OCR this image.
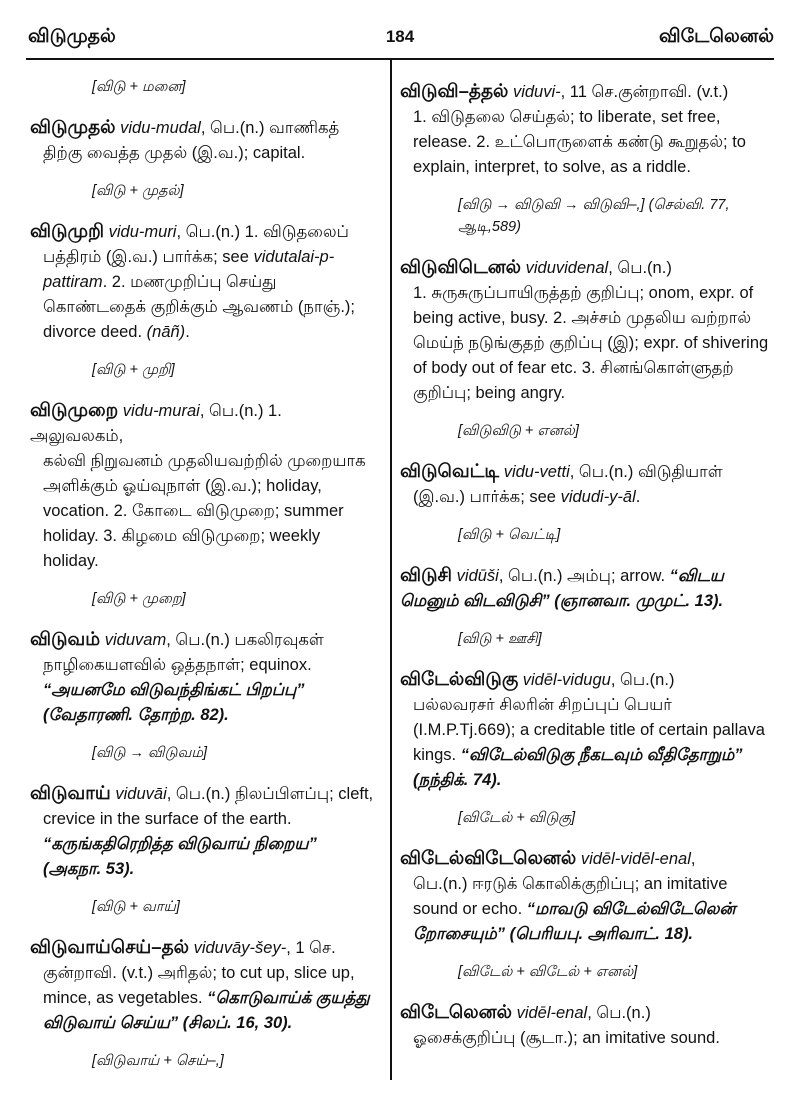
விடுமுதல்	184	விடேலெனல்
[விடு + மனை]
விடுமுதல் vidu-mudal, பெ.(n.) வாணிகத்
திற்கு வைத்த முதல் (இ.வ.); capital.
[விடு + முதல்]
விடுமுறி vidu-muri, பெ.(n.) 1. விடுதலைப்
பத்திரம் (இ.வ.) பார்க்க; see vidutalai-p-pattiram. 2. மணமுறிப்பு செய்து கொண்டதைக் குறிக்கும் ஆவணம் (நாஞ்.); divorce deed. (nāñ).
[விடு + முறி]
விடுமுறை vidu-murai, பெ.(n.) 1. அலுவலகம்,
கல்வி நிறுவனம் முதலியவற்றில் முறையாக அளிக்கும் ஓய்வுநாள் (இ.வ.); holiday, vocation. 2. கோடை விடுமுறை; summer holiday. 3. கிழமை விடுமுறை; weekly holiday.
[விடு + முறை]
விடுவம் viduvam, பெ.(n.) பகலிரவுகள்
நாழிகையளவில் ஒத்தநாள்; equinox. “அயனமே விடுவந்திங்கட் பிறப்பு” (வேதாரணி. தோற்ற. 82).
[விடு → விடுவம்]
விடுவாய் viduvāi, பெ.(n.) நிலப்பிளப்பு; cleft,
crevice in the surface of the earth. “கருங்கதிரெறித்த விடுவாய் நிறைய” (அகநா. 53).
[விடு + வாய்]
விடுவாய்செய்–தல் viduvāy-šey-, 1 செ.
குன்றாவி. (v.t.) அரிதல்; to cut up, slice up, mince, as vegetables. “கொடுவாய்க் குயத்து விடுவாய் செய்ய” (சிலப். 16, 30).
[விடுவாய் + செய்–,]
விடுவி–த்தல் viduvi-, 11 செ.குன்றாவி. (v.t.)
1. விடுதலை செய்தல்; to liberate, set free, release. 2. உட்பொருளைக் கண்டு கூறுதல்; to explain, interpret, to solve, as a riddle.
[விடு → விடுவி → விடுவி–,] (செல்வி. 77, ஆடி,589)
விடுவிடெனல் viduvidenal, பெ.(n.)
1. சுருசுருப்பாயிருத்தற் குறிப்பு; onom, expr. of being active, busy. 2. அச்சம் முதலிய வற்றால் மெய்ந் நடுங்குதற் குறிப்பு (இ); expr. of shivering of body out of fear etc. 3. சினங்கொள்ளுதற் குறிப்பு; being angry.
[விடுவிடு + எனல்]
விடுவெட்டி vidu-vetti, பெ.(n.) விடுதியாள்
(இ.வ.) பார்க்க; see vidudi-y-āl.
[விடு + வெட்டி]
விடுசி vidūši, பெ.(n.) அம்பு; arrow. “விடய மெனும் விடவிடுசி” (ஞானவா. முமுட். 13).
[விடு + ஊசி]
விடேல்விடுகு vidēl-vidugu, பெ.(n.)
பல்லவரசர் சிலரின் சிறப்புப் பெயர் (I.M.P.Tj.669); a creditable title of certain pallava kings. “விடேல்விடுகு நீகடவும் வீதிதோறும்” (நந்திக். 74).
[விடேல் + விடுகு]
விடேல்விடேலெனல் vidēl-vidēl-enal,
பெ.(n.) ஈரடுக் கொலிக்குறிப்பு; an imitative sound or echo. “மாவடு விடேல்விடேலென் றோசையும்” (பெரியபு. அரிவாட். 18).
[விடேல் + விடேல் + எனல்]
விடேலெனல் vidēl-enal, பெ.(n.)
ஓசைக்குறிப்பு (சூடா.); an imitative sound.
